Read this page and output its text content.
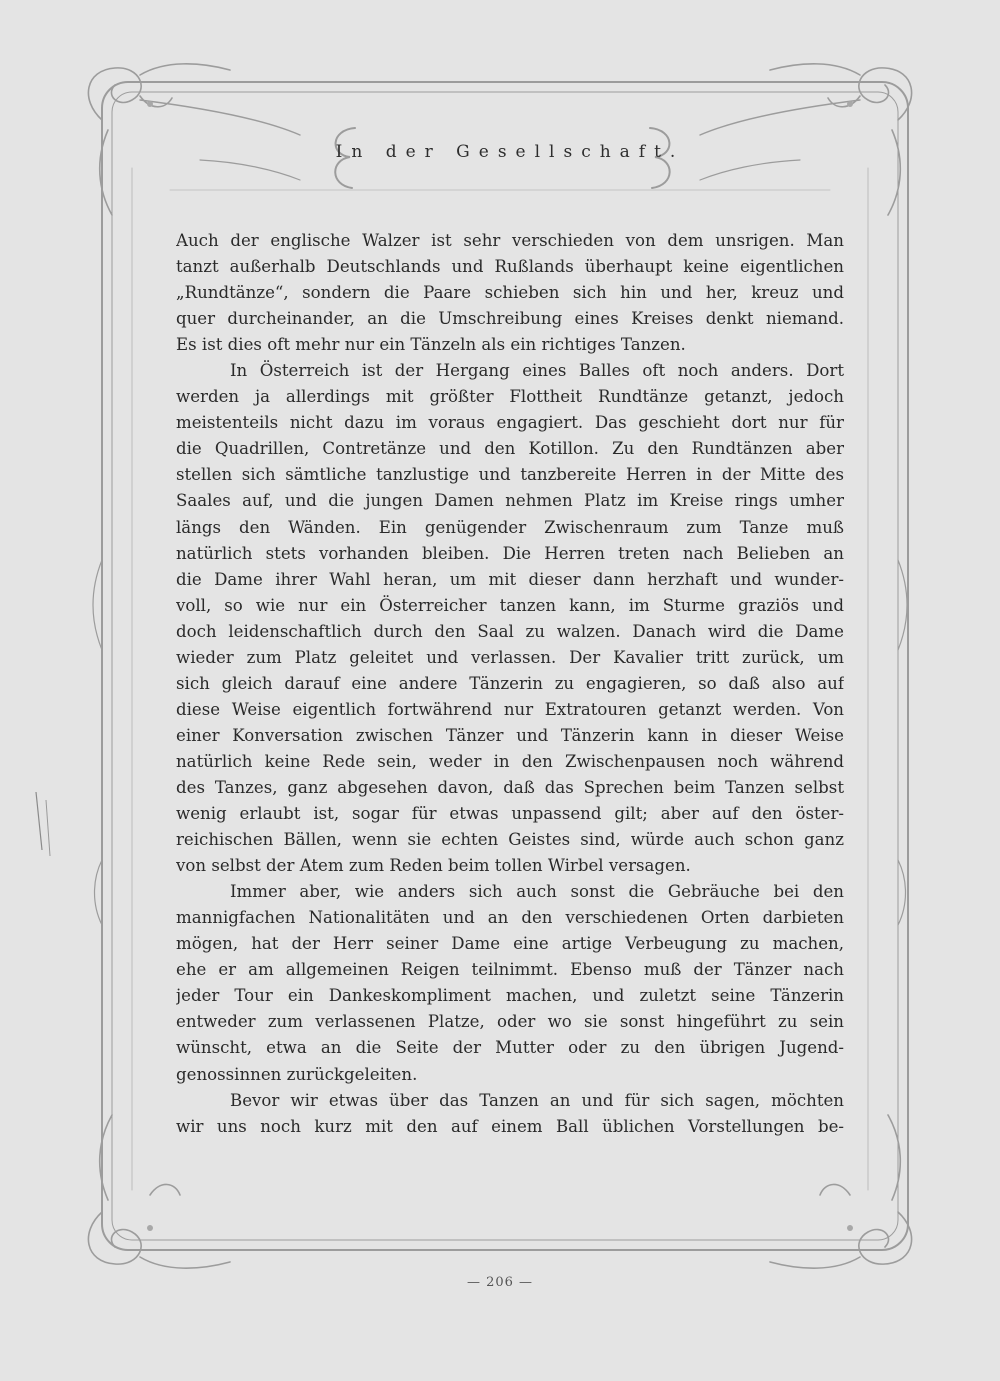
In der Gesellschaft.
Auch der englische Walzer ist sehr verschieden von dem unsrigen. Man
tanzt außerhalb Deutschlands und Rußlands überhaupt keine eigentlichen
„Rundtänze“, sondern die Paare schieben sich hin und her, kreuz und
quer durcheinander, an die Umschreibung eines Kreises denkt niemand.
Es ist dies oft mehr nur ein Tänzeln als ein richtiges Tanzen.
In Österreich ist der Hergang eines Balles oft noch anders. Dort
werden ja allerdings mit größter Flottheit Rundtänze getanzt, jedoch
meistenteils nicht dazu im voraus engagiert. Das geschieht dort nur für
die Quadrillen, Contretänze und den Kotillon. Zu den Rundtänzen aber
stellen sich sämtliche tanzlustige und tanzbereite Herren in der Mitte des
Saales auf, und die jungen Damen nehmen Platz im Kreise rings umher
längs den Wänden. Ein genügender Zwischenraum zum Tanze muß
natürlich stets vorhanden bleiben. Die Herren treten nach Belieben an
die Dame ihrer Wahl heran, um mit dieser dann herzhaft und wunder-
voll, so wie nur ein Österreicher tanzen kann, im Sturme graziös und
doch leidenschaftlich durch den Saal zu walzen. Danach wird die Dame
wieder zum Platz geleitet und verlassen. Der Kavalier tritt zurück, um
sich gleich darauf eine andere Tänzerin zu engagieren, so daß also auf
diese Weise eigentlich fortwährend nur Extratouren getanzt werden. Von
einer Konversation zwischen Tänzer und Tänzerin kann in dieser Weise
natürlich keine Rede sein, weder in den Zwischenpausen noch während
des Tanzes, ganz abgesehen davon, daß das Sprechen beim Tanzen selbst
wenig erlaubt ist, sogar für etwas unpassend gilt; aber auf den öster-
reichischen Bällen, wenn sie echten Geistes sind, würde auch schon ganz
von selbst der Atem zum Reden beim tollen Wirbel versagen.
Immer aber, wie anders sich auch sonst die Gebräuche bei den
mannigfachen Nationalitäten und an den verschiedenen Orten darbieten
mögen, hat der Herr seiner Dame eine artige Verbeugung zu machen,
ehe er am allgemeinen Reigen teilnimmt. Ebenso muß der Tänzer nach
jeder Tour ein Dankeskompliment machen, und zuletzt seine Tänzerin
entweder zum verlassenen Platze, oder wo sie sonst hingeführt zu sein
wünscht, etwa an die Seite der Mutter oder zu den übrigen Jugend-
genossinnen zurückgeleiten.
Bevor wir etwas über das Tanzen an und für sich sagen, möchten
wir uns noch kurz mit den auf einem Ball üblichen Vorstellungen be-
— 206 —
